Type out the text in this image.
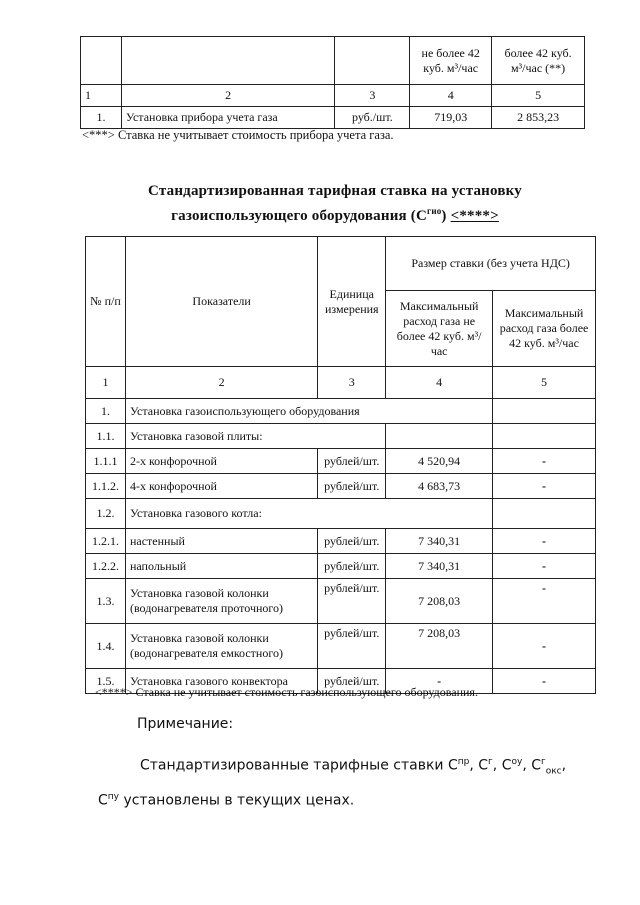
			не более 42 куб. м³/час	более 42 куб. м³/час (**)
1	2	3	4	5
1.	Установка прибора учета газа	руб./шт.	719,03	2 853,23
<***> Ставка не учитывает стоимость прибора учета газа.
Стандартизированная тарифная ставка на установку
газоиспользующего оборудования $(С^{гио})$ <****>
№ п/п	Показатели	Единица измерения	Размер ставки (без учета НДС)	
			Максимальный расход газа не более 42 куб. м³/час	Максимальный расход газа более 42 куб. м³/час
1	2	3	4	5
1.	Установка газоиспользующего оборудования			
1.1.	Установка газовой плиты:			
1.1.1	2-х конфорочной	рублей/шт.	4 520,94	-
1.1.2.	4-х конфорочной	рублей/шт.	4 683,73	-
1.2.	Установка газового котла:			
1.2.1.	настенный	рублей/шт.	7 340,31	-
1.2.2.	напольный	рублей/шт.	7 340,31	-
1.3.	Установка газовой колонки (водонагревателя проточного)	рублей/шт.	7 208,03	-
1.4.	Установка газовой колонки (водонагревателя емкостного)	рублей/шт.	7 208,03	-
1.5.	Установка газового конвектора	рублей/шт.	-	-
<****> Ставка не учитывает стоимость газоиспользующего оборудования.
Примечание:
Стандартизированные тарифные ставки $С^{пр}$, $С^г$, $С^{оу}$, $С^г_{окс}$, $С^{пу}$ установлены в текущих ценах.
